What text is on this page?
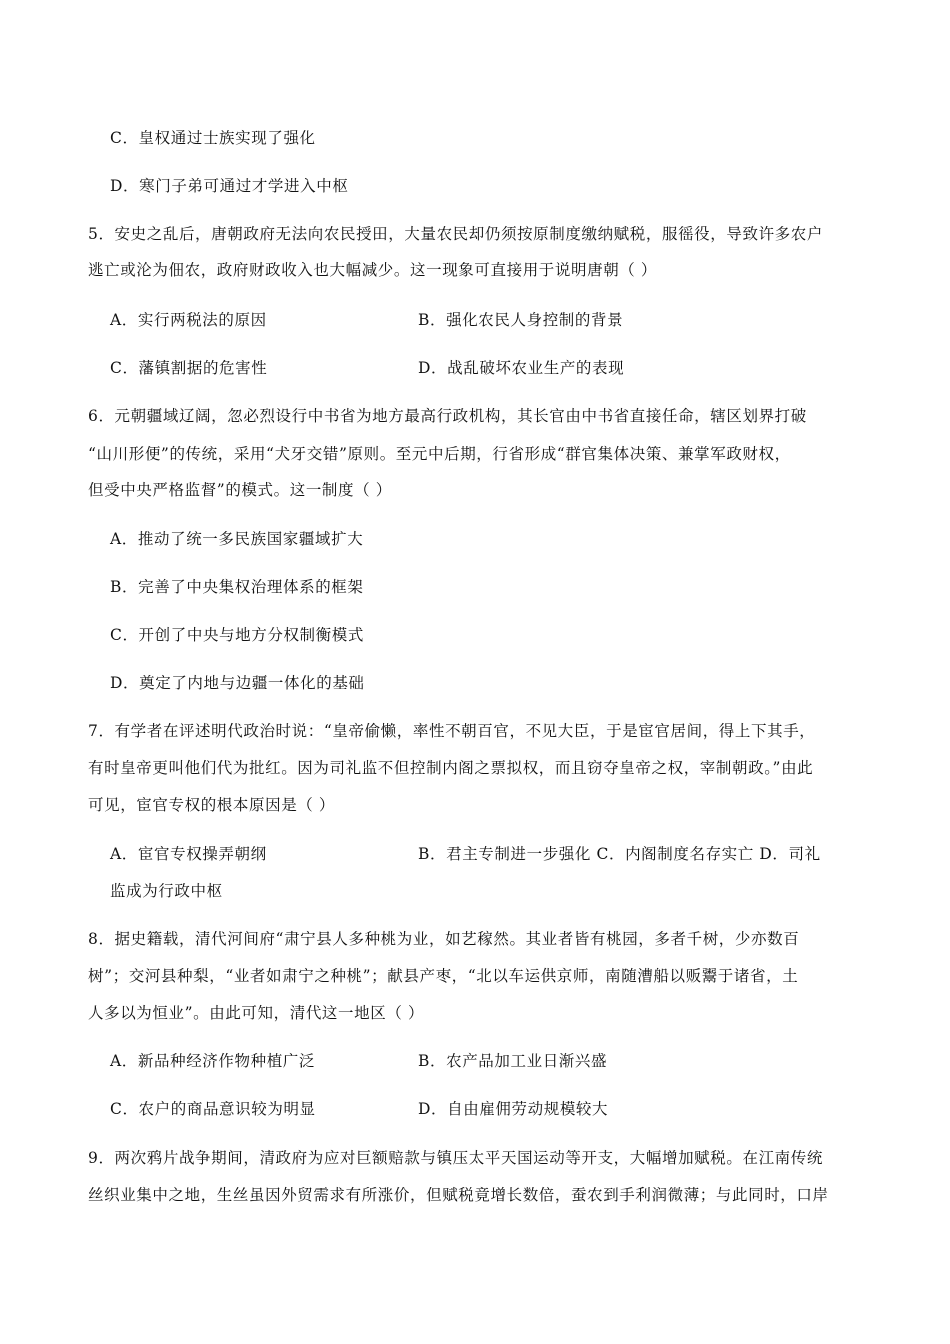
C．皇权通过士族实现了强化
D．寒门子弟可通过才学进入中枢
5．安史之乱后，唐朝政府无法向农民授田，大量农民却仍须按原制度缴纳赋税，服徭役，导致许多农户
逃亡或沦为佃农，政府财政收入也大幅减少。这一现象可直接用于说明唐朝（ ）
A．实行两税法的原因	B．强化农民人身控制的背景
C．藩镇割据的危害性	D．战乱破坏农业生产的表现
6．元朝疆域辽阔，忽必烈设行中书省为地方最高行政机构，其长官由中书省直接任命，辖区划界打破
“山川形便”的传统，采用“犬牙交错”原则。至元中后期，行省形成“群官集体决策、兼掌军政财权，
但受中央严格监督”的模式。这一制度（ ）
A．推动了统一多民族国家疆域扩大
B．完善了中央集权治理体系的框架
C．开创了中央与地方分权制衡模式
D．奠定了内地与边疆一体化的基础
7．有学者在评述明代政治时说：“皇帝偷懒，率性不朝百官，不见大臣，于是宦官居间，得上下其手，
有时皇帝更叫他们代为批红。因为司礼监不但控制内阁之票拟权，而且窃夺皇帝之权，宰制朝政。”由此
可见，宦官专权的根本原因是（ ）
A．宦官专权操弄朝纲	B．君主专制进一步强化 C．内阁制度名存实亡 D．司礼
监成为行政中枢
8．据史籍载，清代河间府“肃宁县人多种桃为业，如艺稼然。其业者皆有桃园，多者千树，少亦数百
树”；交河县种梨，“业者如肃宁之种桃”；献县产枣，“北以车运供京师，南随漕船以贩鬻于诸省，土
人多以为恒业”。由此可知，清代这一地区（ ）
A．新品种经济作物种植广泛	B．农产品加工业日渐兴盛
C．农户的商品意识较为明显	D．自由雇佣劳动规模较大
9．两次鸦片战争期间，清政府为应对巨额赔款与镇压太平天国运动等开支，大幅增加赋税。在江南传统
丝织业集中之地，生丝虽因外贸需求有所涨价，但赋税竟增长数倍，蚕农到手利润微薄；与此同时，口岸
